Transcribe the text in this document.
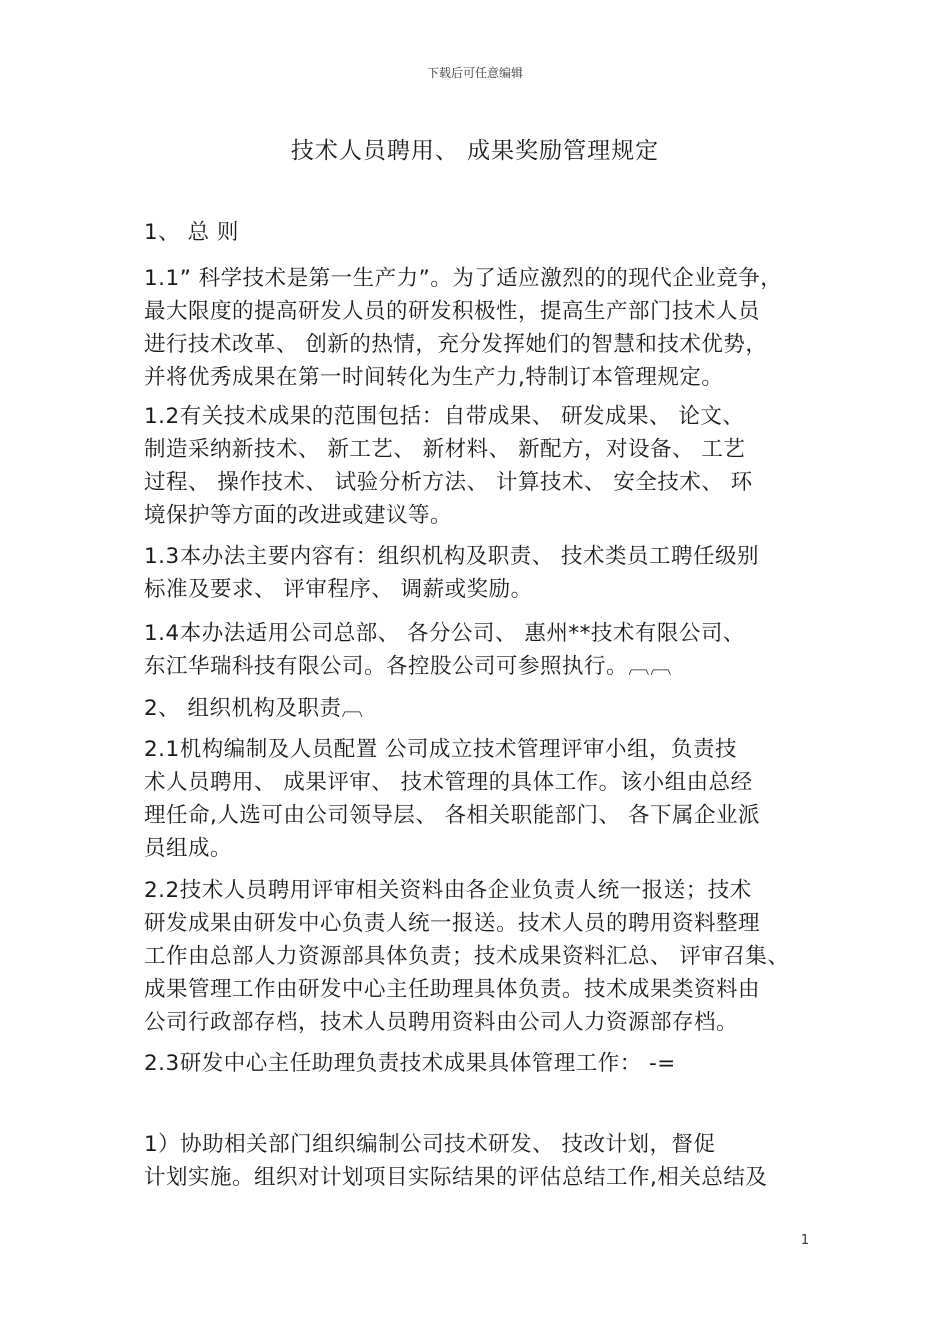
下载后可任意编辑
技术人员聘用、 成果奖励管理规定
1、 总 则
1.1” 科学技术是第一生产力”。为了适应激烈的的现代企业竞争，
最大限度的提高研发人员的研发积极性，提高生产部门技术人员
进行技术改革、 创新的热情，充分发挥她们的智慧和技术优势，
并将优秀成果在第一时间转化为生产力,特制订本管理规定。
1.2有关技术成果的范围包括：自带成果、 研发成果、 论文、
制造采纳新技术、 新工艺、 新材料、 新配方，对设备、 工艺
过程、 操作技术、 试验分析方法、 计算技术、 安全技术、 环
境保护等方面的改进或建议等。
1.3本办法主要内容有：组织机构及职责、 技术类员工聘任级别
标准及要求、 评审程序、 调薪或奖励。
1.4本办法适用公司总部、 各分公司、 惠州**技术有限公司、
东江华瑞科技有限公司。各控股公司可参照执行。︹︹
2、 组织机构及职责︹
2.1机构编制及人员配置 公司成立技术管理评审小组，负责技
术人员聘用、 成果评审、 技术管理的具体工作。该小组由总经
理任命,人选可由公司领导层、 各相关职能部门、 各下属企业派
员组成。
2.2技术人员聘用评审相关资料由各企业负责人统一报送；技术
研发成果由研发中心负责人统一报送。技术人员的聘用资料整理
工作由总部人力资源部具体负责；技术成果资料汇总、 评审召集、
成果管理工作由研发中心主任助理具体负责。技术成果类资料由
公司行政部存档，技术人员聘用资料由公司人力资源部存档。
2.3研发中心主任助理负责技术成果具体管理工作： -=
1）协助相关部门组织编制公司技术研发、 技改计划，督促
计划实施。组织对计划项目实际结果的评估总结工作,相关总结及
1
